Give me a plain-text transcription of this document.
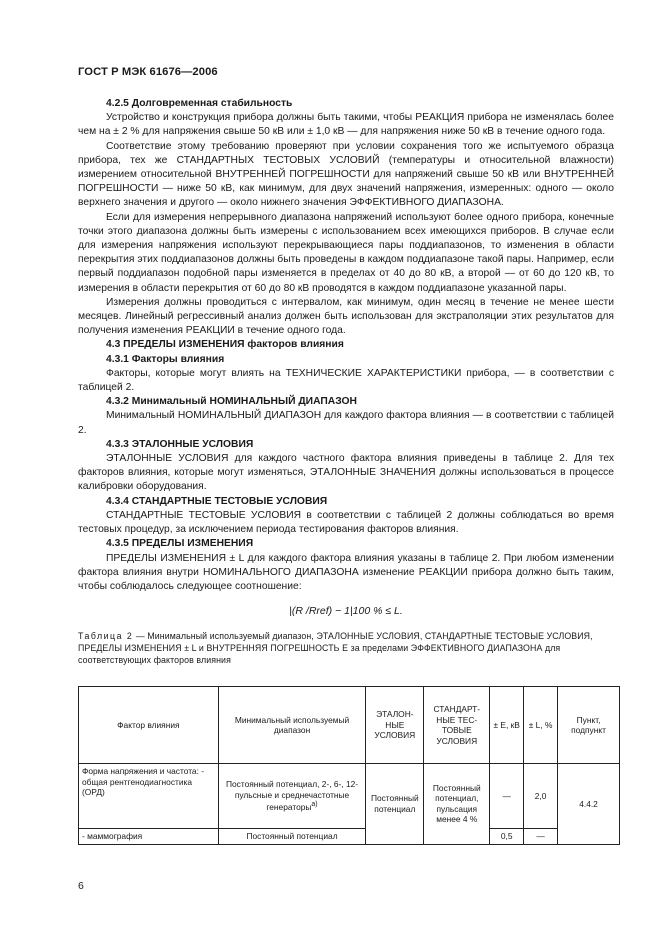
ГОСТ Р МЭК 61676—2006

4.2.5 Долговременная стабильность

Устройство и конструкция прибора должны быть такими, чтобы РЕАКЦИЯ прибора не изменялась более чем на ± 2 % для напряжения свыше 50 кВ или ± 1,0 кВ — для напряжения ниже 50 кВ в течение одного года.

Соответствие этому требованию проверяют при условии сохранения того же испытуемого образца прибора, тех же СТАНДАРТНЫХ ТЕСТОВЫХ УСЛОВИЙ (температуры и относительной влажности) измерением относительной ВНУТРЕННЕЙ ПОГРЕШНОСТИ для напряжений свыше 50 кВ или ВНУТРЕННЕЙ ПОГРЕШНОСТИ — ниже 50 кВ, как минимум, для двух значений напряжения, измеренных: одного — около верхнего значения и другого — около нижнего значения ЭФФЕКТИВНОГО ДИАПАЗОНА.

Если для измерения непрерывного диапазона напряжений используют более одного прибора, конечные точки этого диапазона должны быть измерены с использованием всех имеющихся приборов. В случае если для измерения напряжения используют перекрывающиеся пары поддиапазонов, то изменения в области перекрытия этих поддиапазонов должны быть проведены в каждом поддиапазоне такой пары. Например, если первый поддиапазон подобной пары изменяется в пределах от 40 до 80 кВ, а второй — от 60 до 120 кВ, то измерения в области перекрытия от 60 до 80 кВ проводятся в каждом поддиапазоне указанной пары.

Измерения должны проводиться с интервалом, как минимум, один месяц в течение не менее шести месяцев. Линейный регрессивный анализ должен быть использован для экстраполяции этих результатов для получения изменения РЕАКЦИИ в течение одного года.

4.3 ПРЕДЕЛЫ ИЗМЕНЕНИЯ факторов влияния

4.3.1 Факторы влияния

Факторы, которые могут влиять на ТЕХНИЧЕСКИЕ ХАРАКТЕРИСТИКИ прибора, — в соответствии с таблицей 2.

4.3.2 Минимальный НОМИНАЛЬНЫЙ ДИАПАЗОН

Минимальный НОМИНАЛЬНЫЙ ДИАПАЗОН для каждого фактора влияния — в соответствии с таблицей 2.

4.3.3 ЭТАЛОННЫЕ УСЛОВИЯ

ЭТАЛОННЫЕ УСЛОВИЯ для каждого частного фактора влияния приведены в таблице 2. Для тех факторов влияния, которые могут изменяться, ЭТАЛОННЫЕ ЗНАЧЕНИЯ должны использоваться в процессе калибровки оборудования.

4.3.4 СТАНДАРТНЫЕ ТЕСТОВЫЕ УСЛОВИЯ

СТАНДАРТНЫЕ ТЕСТОВЫЕ УСЛОВИЯ в соответствии с таблицей 2 должны соблюдаться во время тестовых процедур, за исключением периода тестирования факторов влияния.

4.3.5 ПРЕДЕЛЫ ИЗМЕНЕНИЯ

ПРЕДЕЛЫ ИЗМЕНЕНИЯ ± L для каждого фактора влияния указаны в таблице 2. При любом изменении фактора влияния внутри НОМИНАЛЬНОГО ДИАПАЗОНА изменение РЕАКЦИИ прибора должно быть таким, чтобы соблюдалось следующее соотношение:

|(R /Rref) − 1|100 % ≤ L.

Таблица 2 — Минимальный используемый диапазон, ЭТАЛОННЫЕ УСЛОВИЯ, СТАНДАРТНЫЕ ТЕСТОВЫЕ УСЛОВИЯ, ПРЕДЕЛЫ ИЗМЕНЕНИЯ ± L и ВНУТРЕННЯЯ ПОГРЕШНОСТЬ E за пределами ЭФФЕКТИВНОГО ДИАПАЗОНА для соответствующих факторов влияния

Фактор влияния	Минимальный используемый диапазон	ЭТАЛОН-НЫЕ УСЛОВИЯ	СТАНДАРТ-НЫЕ ТЕС-ТОВЫЕ УСЛОВИЯ	± E, кВ	± L, %	Пункт, подпункт
Форма напряжения и частота: - общая рентгенодиагностика (ОРД)	Постоянный потенциал, 2-, 6-, 12-пульсные и среднечастотные генераторы$^{a)}$	Постоянный потенциал	Постоянный потенциал, пульсация менее 4 %	—	2,0	4.4.2
- маммография	Постоянный потенциал			0,5	—	
6
